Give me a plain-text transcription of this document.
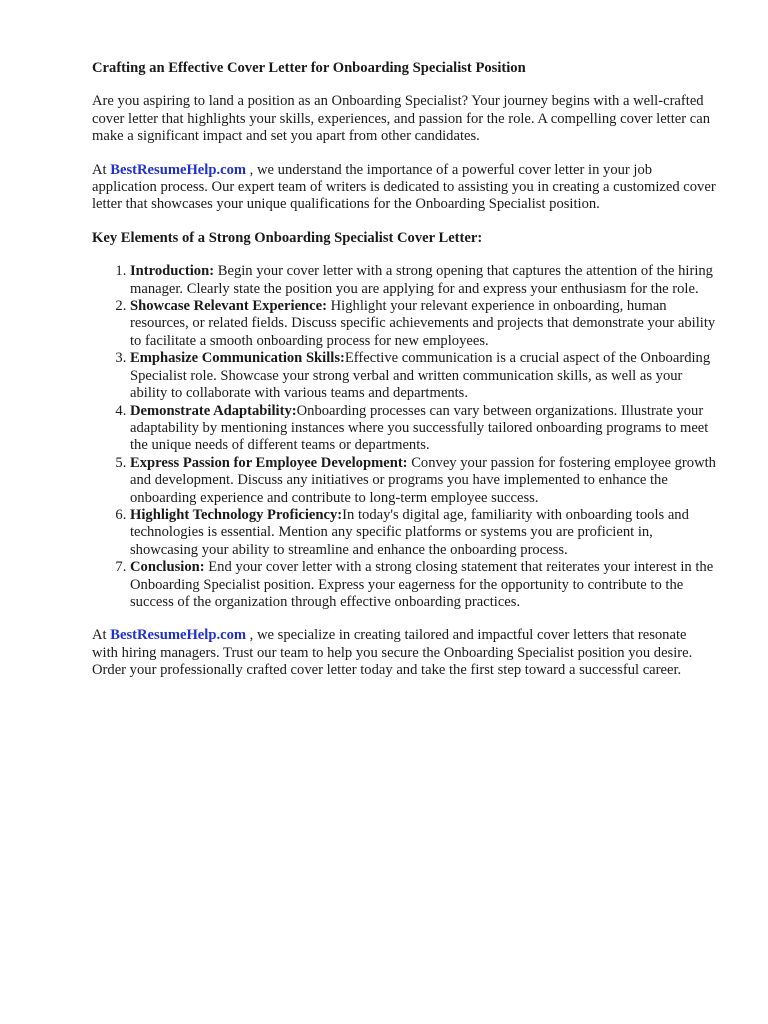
Crafting an Effective Cover Letter for Onboarding Specialist Position

Are you aspiring to land a position as an Onboarding Specialist? Your journey begins with a well-crafted cover letter that highlights your skills, experiences, and passion for the role. A compelling cover letter can make a significant impact and set you apart from other candidates.

At BestResumeHelp.com , we understand the importance of a powerful cover letter in your job application process. Our expert team of writers is dedicated to assisting you in creating a customized cover letter that showcases your unique qualifications for the Onboarding Specialist position.

Key Elements of a Strong Onboarding Specialist Cover Letter:
1. Introduction: Begin your cover letter with a strong opening that captures the attention of the hiring manager. Clearly state the position you are applying for and express your enthusiasm for the role.
2. Showcase Relevant Experience: Highlight your relevant experience in onboarding, human resources, or related fields. Discuss specific achievements and projects that demonstrate your ability to facilitate a smooth onboarding process for new employees.
3. Emphasize Communication Skills:Effective communication is a crucial aspect of the Onboarding Specialist role. Showcase your strong verbal and written communication skills, as well as your ability to collaborate with various teams and departments.
4. Demonstrate Adaptability:Onboarding processes can vary between organizations. Illustrate your adaptability by mentioning instances where you successfully tailored onboarding programs to meet the unique needs of different teams or departments.
5. Express Passion for Employee Development: Convey your passion for fostering employee growth and development. Discuss any initiatives or programs you have implemented to enhance the onboarding experience and contribute to long-term employee success.
6. Highlight Technology Proficiency:In today's digital age, familiarity with onboarding tools and technologies is essential. Mention any specific platforms or systems you are proficient in, showcasing your ability to streamline and enhance the onboarding process.
7. Conclusion: End your cover letter with a strong closing statement that reiterates your interest in the Onboarding Specialist position. Express your eagerness for the opportunity to contribute to the success of the organization through effective onboarding practices.

At BestResumeHelp.com , we specialize in creating tailored and impactful cover letters that resonate with hiring managers. Trust our team to help you secure the Onboarding Specialist position you desire. Order your professionally crafted cover letter today and take the first step toward a successful career.
